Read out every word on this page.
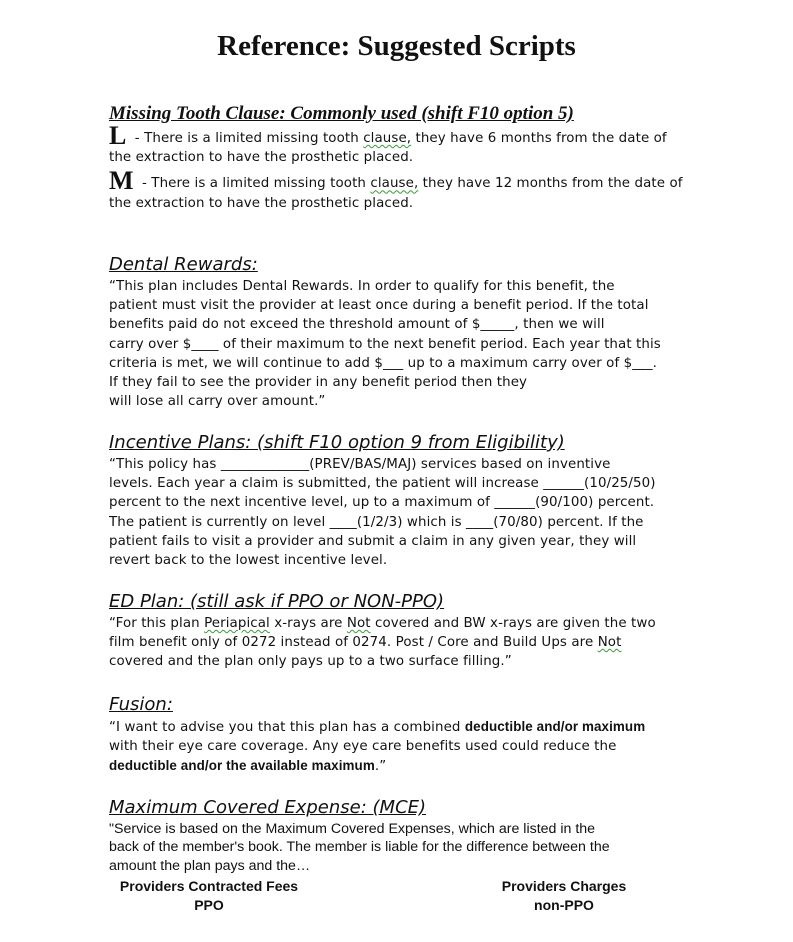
Reference: Suggested Scripts
Missing Tooth Clause: Commonly used (shift F10 option 5)

L - There is a limited missing tooth clause, they have 6 months from the date of
the extraction to have the prosthetic placed.

M - There is a limited missing tooth clause, they have 12 months from the date of
the extraction to have the prosthetic placed.

Dental Rewards:

“This plan includes Dental Rewards. In order to qualify for this benefit, the
patient must visit the provider at least once during a benefit period. If the total
benefits paid do not exceed the threshold amount of $_____, then we will
carry over $____ of their maximum to the next benefit period. Each year that this
criteria is met, we will continue to add $___ up to a maximum carry over of $___.
If they fail to see the provider in any benefit period then they
will lose all carry over amount.”

Incentive Plans: (shift F10 option 9 from Eligibility)

“This policy has _____________(PREV/BAS/MAJ) services based on inventive
levels. Each year a claim is submitted, the patient will increase ______(10/25/50)
percent to the next incentive level, up to a maximum of ______(90/100) percent.
The patient is currently on level ____(1/2/3) which is ____(70/80) percent. If the
patient fails to visit a provider and submit a claim in any given year, they will
revert back to the lowest incentive level.

ED Plan: (still ask if PPO or NON-PPO)

“For this plan Periapical x-rays are Not covered and BW x-rays are given the two
film benefit only of 0272 instead of 0274. Post / Core and Build Ups are Not
covered and the plan only pays up to a two surface filling.”

Fusion:

“I want to advise you that this plan has a combined deductible and/or maximum
with their eye care coverage. Any eye care benefits used could reduce the
deductible and/or the available maximum.”

Maximum Covered Expense: (MCE)

"Service is based on the Maximum Covered Expenses, which are listed in the
back of the member's book. The member is liable for the difference between the
amount the plan pays and the…

Providers Contracted Fees
PPO
Providers Charges
non-PPO
